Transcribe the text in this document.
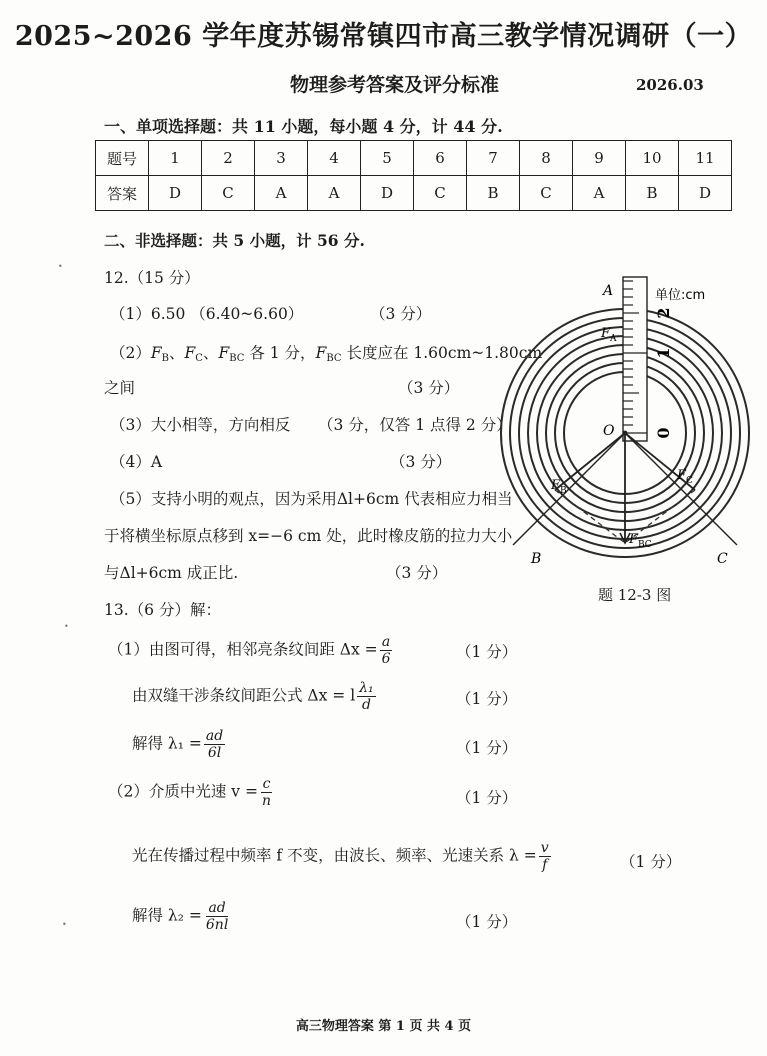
2025~2026 学年度苏锡常镇四市高三教学情况调研（一）
物理参考答案及评分标准	2026.03
一、单项选择题：共 11 小题，每小题 4 分，计 44 分.
题号	1	2	3	4	5	6	7	8	9	10	11
答案	D	C	A	A	D	C	B	C	A	B	D
二、非选择题：共 5 小题，计 56 分.
12.（15 分）
（1）6.50 （6.40~6.60）	（3 分）
$(2)F_B$、$F_C$、$F_{BC}$ 各 1 分，$F_{BC}$ 长度应在 1.60cm~1.80cm
之间	（3 分）
（3）大小相等，方向相反 （3 分，仅答 1 点得 2 分）
（4）A	（3 分）
（5）支持小明的观点，因为采用Δl+6cm 代表相应力相当
于将横坐标原点移到 x=−6 cm 处，此时橡皮筋的拉力大小
与Δl+6cm 成正比.	（3 分）
0
1
2
单位:cm
A
F A
O
F B
F C
F BC
B	C
题 12-3 图
13.（6 分）解：
（1）由图可得，相邻亮条纹间距 $\Delta x = \frac{a}{6}$	（1 分）
由双缝干涉条纹间距公式 Δx = l $\frac{\text{λ₁}}{d}$	（1 分）
解得 $\lambda_1 = \frac{ad}{6l}$	（1 分）
（2）介质中光速 $v = \frac{c}{n}$	（1 分）
光在传播过程中频率 f 不变，由波长、频率、光速关系 $\lambda = \frac{v}{f}$	（1 分）
解得 $\lambda_2 = \frac{ad}{6nl}$	（1 分）
高三物理答案 第 1 页 共 4 页
•
•
•
